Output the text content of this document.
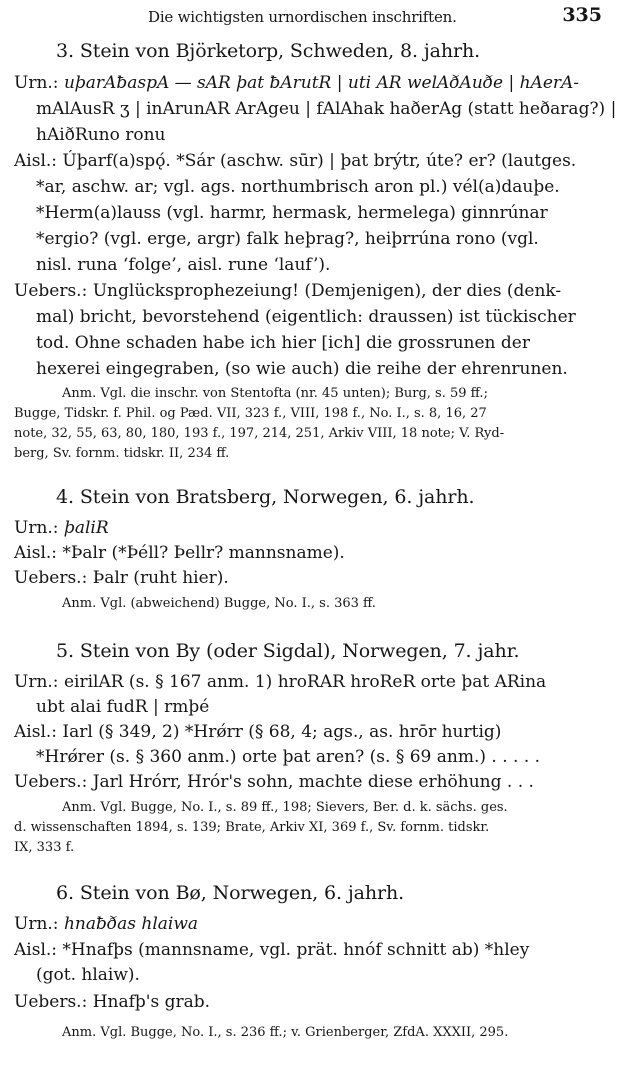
Die wichtigsten urnordischen inschriften.	335
3. Stein von Björketorp, Schweden, 8. jahrh.
Urn.: uþarAƀaspA — sAR þat ƀArutR | uti AR welAðAuðe | hAerA-
mAlAusR ʒ | inArunAR ArAgeu | fAlAhak haðerAg (statt heðarag?) |
hAiðRuno ronu
Aisl.: Úþarf(a)spǫ́. *Sár (aschw. sūr) | þat brýtr, úte? er? (lautges.
*ar, aschw. ar; vgl. ags. northumbrisch aron pl.) vél(a)dauþe.
*Herm(a)lauss (vgl. harmr, hermask, hermelega) ginnrúnar
*ergio? (vgl. erge, argr) falk heþrag?, heiþrrúna rono (vgl.
nisl. runa ‘folge’, aisl. rune ‘lauf’).
Uebers.: Unglücksprophezeiung! (Demjenigen), der dies (denk-
mal) bricht, bevorstehend (eigentlich: draussen) ist tückischer
tod. Ohne schaden habe ich hier [ich] die grossrunen der
hexerei eingegraben, (so wie auch) die reihe der ehrenrunen.
Anm. Vgl. die inschr. von Stentofta (nr. 45 unten); Burg, s. 59 ff.;
Bugge, Tidskr. f. Phil. og Pæd. VII, 323 f., VIII, 198 f., No. I., s. 8, 16, 27
note, 32, 55, 63, 80, 180, 193 f., 197, 214, 251, Arkiv VIII, 18 note; V. Ryd-
berg, Sv. fornm. tidskr. II, 234 ff.
4. Stein von Bratsberg, Norwegen, 6. jahrh.
Urn.: þaliR
Aisl.: *Þalr (*Þéll? Þellr? mannsname).
Uebers.: Þalr (ruht hier).
Anm. Vgl. (abweichend) Bugge, No. I., s. 363 ff.
5. Stein von By (oder Sigdal), Norwegen, 7. jahr.
Urn.: eirilAR (s. § 167 anm. 1) hroRAR hroReR orte þat ARina
ubt alai fudR | rmþé
Aisl.: Iarl (§ 349, 2) *Hrǿrr (§ 68, 4; ags., as. hrōr hurtig)
*Hrǿrer (s. § 360 anm.) orte þat aren? (s. § 69 anm.) . . . . .
Uebers.: Jarl Hrórr, Hrór's sohn, machte diese erhöhung . . .
Anm. Vgl. Bugge, No. I., s. 89 ff., 198; Sievers, Ber. d. k. sächs. ges.
d. wissenschaften 1894, s. 139; Brate, Arkiv XI, 369 f., Sv. fornm. tidskr.
IX, 333 f.
6. Stein von Bø, Norwegen, 6. jahrh.
Urn.: hnaƀðas hlaiwa
Aisl.: *Hnafþs (mannsname, vgl. prät. hnóf schnitt ab) *hley
(got. hlaiw).
Uebers.: Hnafþ's grab.
Anm. Vgl. Bugge, No. I., s. 236 ff.; v. Grienberger, ZfdA. XXXII, 295.
